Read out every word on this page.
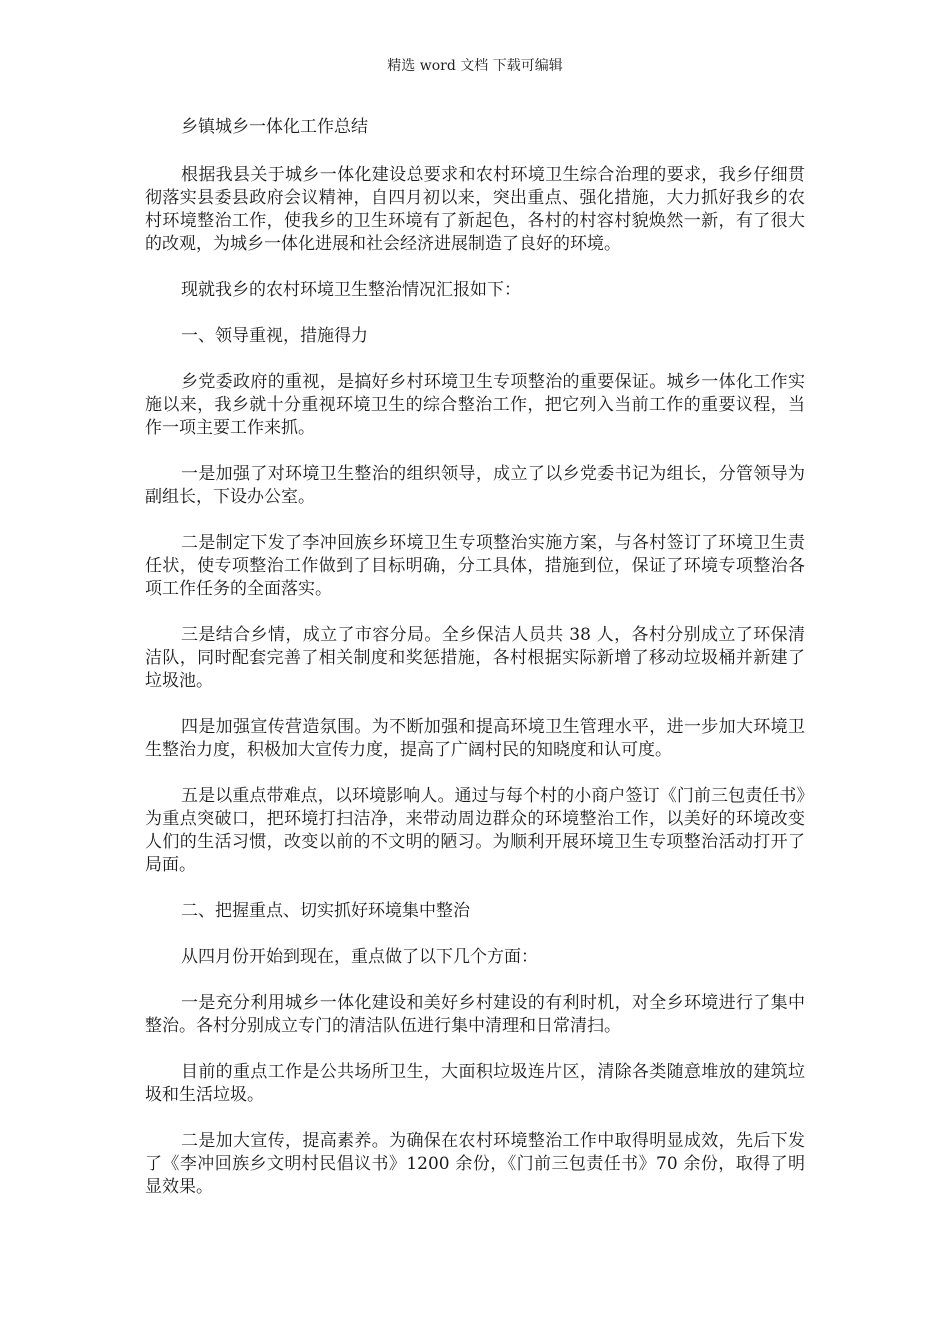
精选 word 文档 下载可编辑

乡镇城乡一体化工作总结

根据我县关于城乡一体化建设总要求和农村环境卫生综合治理的要求，我乡仔细贯彻落实县委县政府会议精神，自四月初以来，突出重点、强化措施，大力抓好我乡的农村环境整治工作，使我乡的卫生环境有了新起色，各村的村容村貌焕然一新，有了很大的改观，为城乡一体化进展和社会经济进展制造了良好的环境。

现就我乡的农村环境卫生整治情况汇报如下：

一、领导重视，措施得力

乡党委政府的重视，是搞好乡村环境卫生专项整治的重要保证。城乡一体化工作实施以来，我乡就十分重视环境卫生的综合整治工作，把它列入当前工作的重要议程，当作一项主要工作来抓。

一是加强了对环境卫生整治的组织领导，成立了以乡党委书记为组长，分管领导为副组长，下设办公室。

二是制定下发了李冲回族乡环境卫生专项整治实施方案，与各村签订了环境卫生责任状，使专项整治工作做到了目标明确，分工具体，措施到位，保证了环境专项整治各项工作任务的全面落实。

三是结合乡情，成立了市容分局。全乡保洁人员共 38 人，各村分别成立了环保清洁队，同时配套完善了相关制度和奖惩措施，各村根据实际新增了移动垃圾桶并新建了垃圾池。

四是加强宣传营造氛围。为不断加强和提高环境卫生管理水平，进一步加大环境卫生整治力度，积极加大宣传力度，提高了广阔村民的知晓度和认可度。

五是以重点带难点，以环境影响人。通过与每个村的小商户签订《门前三包责任书》为重点突破口，把环境打扫洁净，来带动周边群众的环境整治工作，以美好的环境改变人们的生活习惯，改变以前的不文明的陋习。为顺利开展环境卫生专项整治活动打开了局面。

二、把握重点、切实抓好环境集中整治

从四月份开始到现在，重点做了以下几个方面：

一是充分利用城乡一体化建设和美好乡村建设的有利时机，对全乡环境进行了集中整治。各村分别成立专门的清洁队伍进行集中清理和日常清扫。

目前的重点工作是公共场所卫生，大面积垃圾连片区，清除各类随意堆放的建筑垃圾和生活垃圾。

二是加大宣传，提高素养。为确保在农村环境整治工作中取得明显成效，先后下发了《李冲回族乡文明村民倡议书》1200 余份，《门前三包责任书》70 余份，取得了明显效果。
